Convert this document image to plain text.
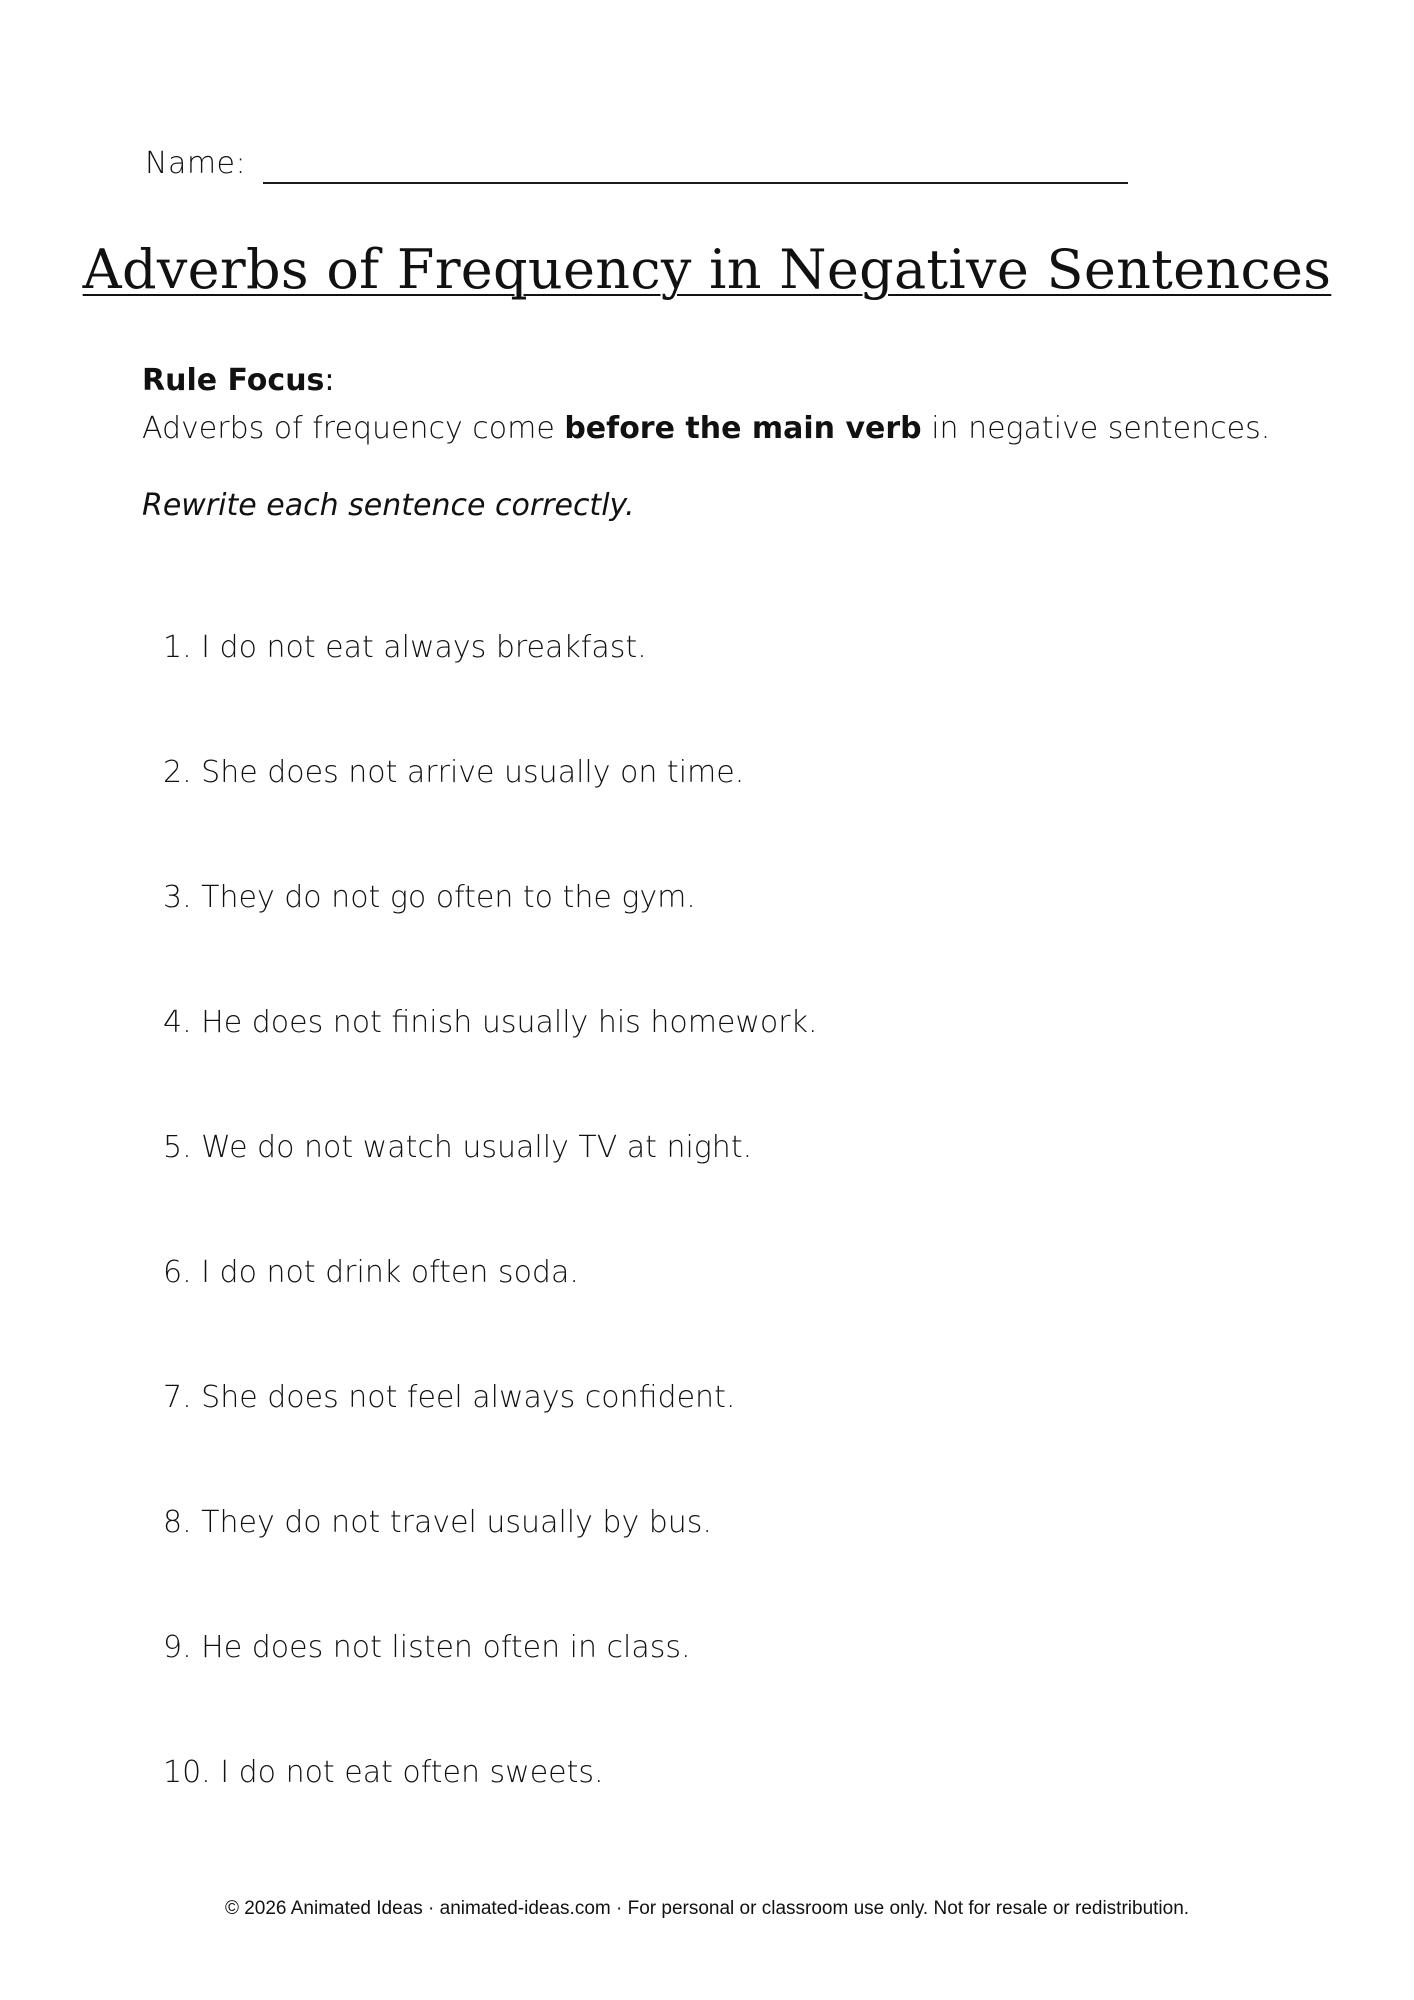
Name:
Adverbs of Frequency in Negative Sentences

Rule Focus:

Adverbs of frequency come before the main verb in negative sentences.

Rewrite each sentence correctly.

1. I do not eat always breakfast.
2. She does not arrive usually on time.
3. They do not go often to the gym.
4. He does not finish usually his homework.
5. We do not watch usually TV at night.
6. I do not drink often soda.
7. She does not feel always confident.
8. They do not travel usually by bus.
9. He does not listen often in class.
10. I do not eat often sweets.
© 2026 Animated Ideas · animated-ideas.com · For personal or classroom use only. Not for resale or redistribution.
